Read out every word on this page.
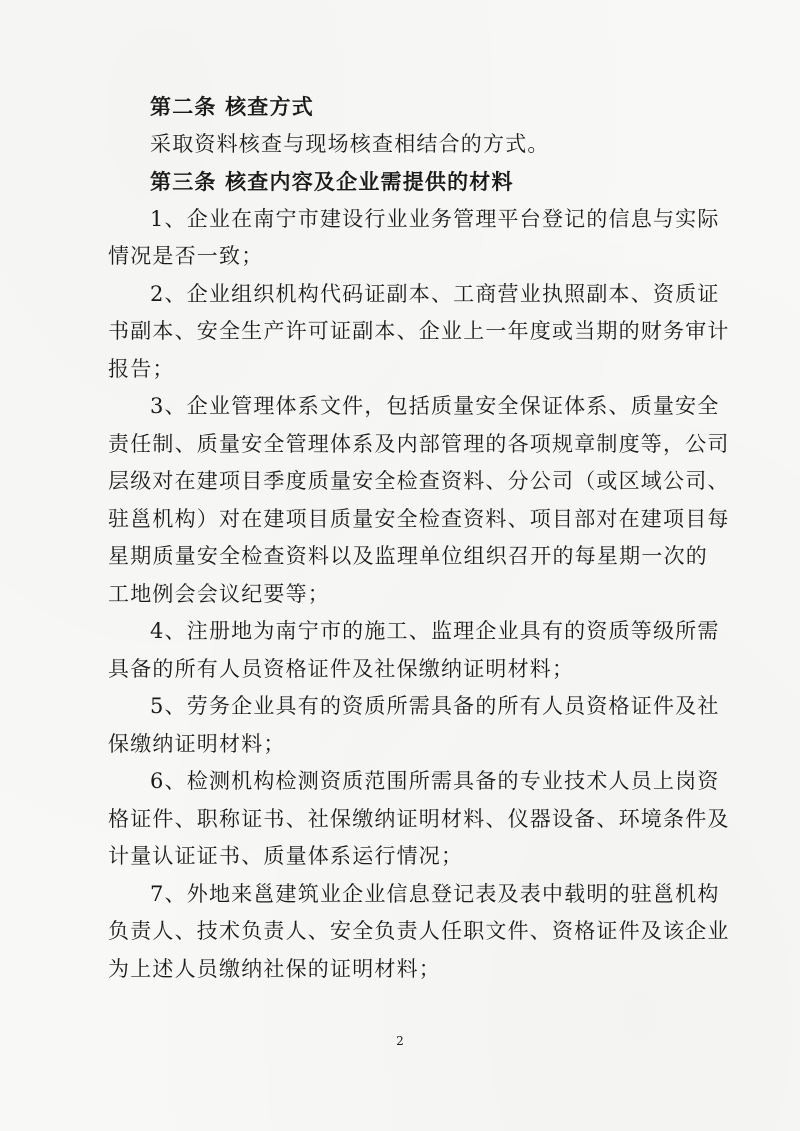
第二条 核查方式
采取资料核查与现场核查相结合的方式。
第三条 核查内容及企业需提供的材料
1、企业在南宁市建设行业业务管理平台登记的信息与实际
情况是否一致；
2、企业组织机构代码证副本、工商营业执照副本、资质证
书副本、安全生产许可证副本、企业上一年度或当期的财务审计
报告；
3、企业管理体系文件，包括质量安全保证体系、质量安全
责任制、质量安全管理体系及内部管理的各项规章制度等，公司
层级对在建项目季度质量安全检查资料、分公司（或区域公司、
驻邕机构）对在建项目质量安全检查资料、项目部对在建项目每
星期质量安全检查资料以及监理单位组织召开的每星期一次的
工地例会会议纪要等；
4、注册地为南宁市的施工、监理企业具有的资质等级所需
具备的所有人员资格证件及社保缴纳证明材料；
5、劳务企业具有的资质所需具备的所有人员资格证件及社
保缴纳证明材料；
6、检测机构检测资质范围所需具备的专业技术人员上岗资
格证件、职称证书、社保缴纳证明材料、仪器设备、环境条件及
计量认证证书、质量体系运行情况；
7、外地来邕建筑业企业信息登记表及表中载明的驻邕机构
负责人、技术负责人、安全负责人任职文件、资格证件及该企业
为上述人员缴纳社保的证明材料；
2
